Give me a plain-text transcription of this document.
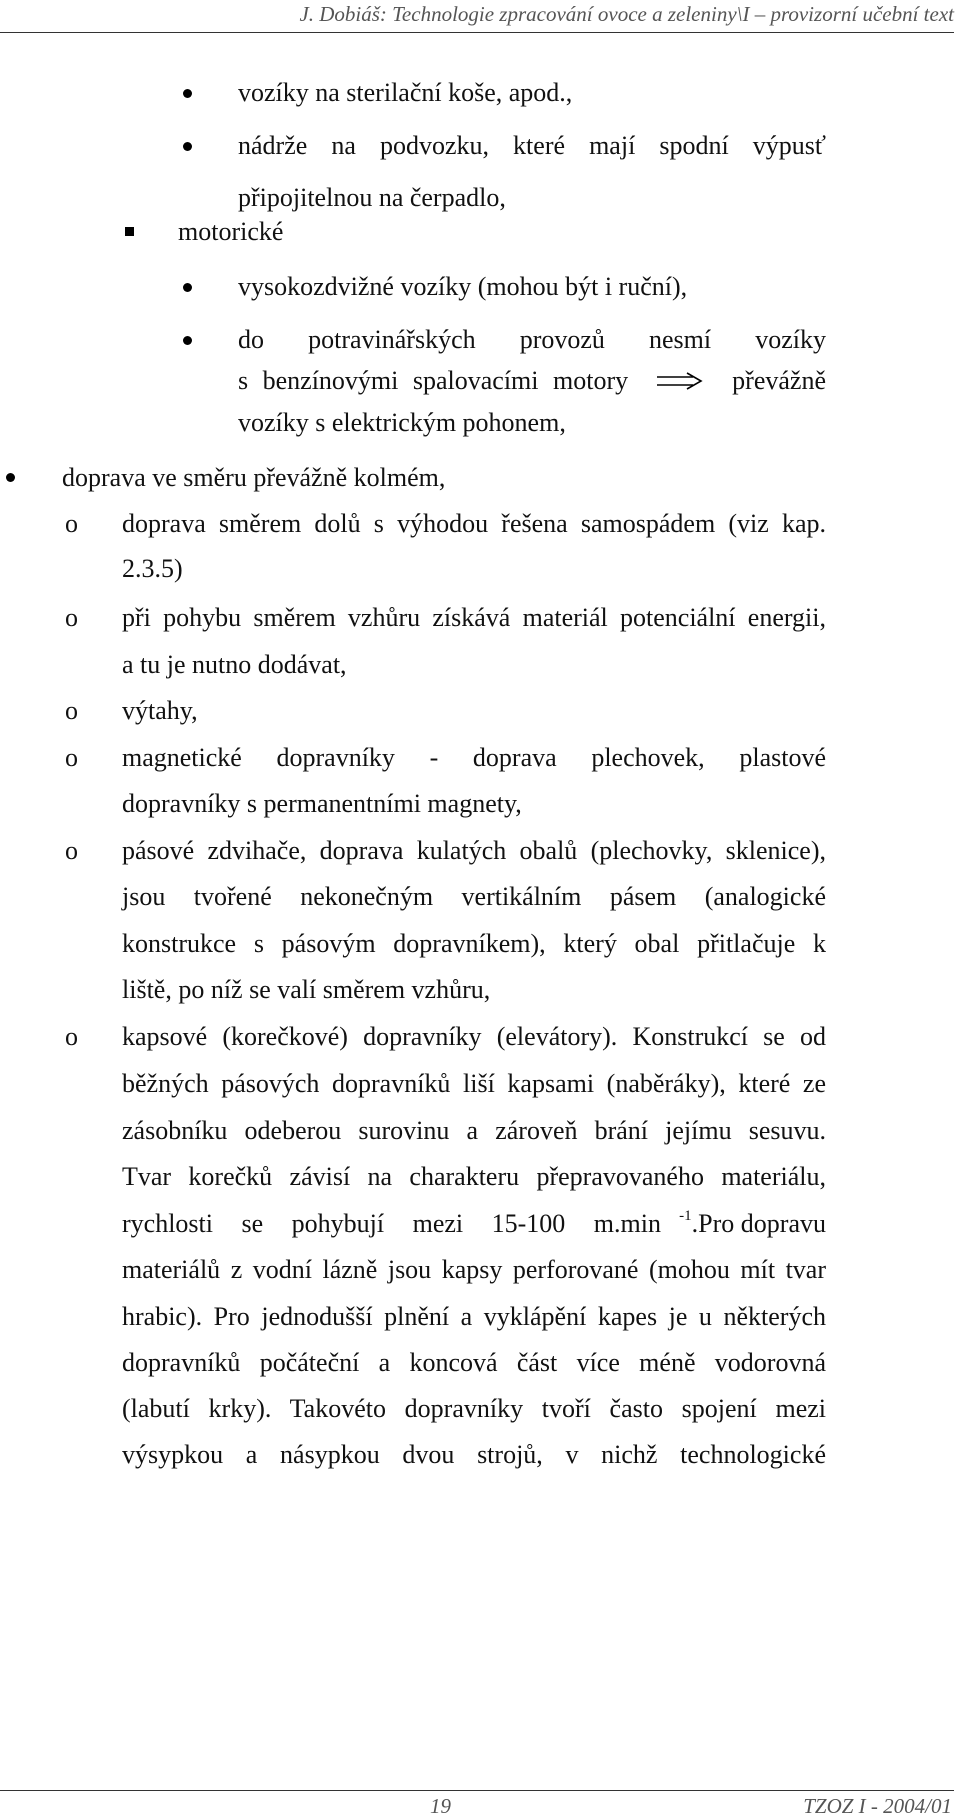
J. Dobiáš: Technologie zpracování ovoce a zeleniny\I – provizorní učební text
vozíky na sterilační koše, apod.,
nádrže na podvozku, které mají spodní výpusť
připojitelnou na čerpadlo,
motorické
vysokozdvižné vozíky (mohou být i ruční),
do potravinářských provozů nesmí vozíky
s benzínovými spalovacími motory	převážně
vozíky s elektrickým pohonem,
doprava ve směru převážně kolmém,
o doprava směrem dolů s výhodou řešena samospádem (viz kap.
2.3.5)
o při pohybu směrem vzhůru získává materiál potenciální energii,
a tu je nutno dodávat,
o výtahy,
o magnetické dopravníky - doprava plechovek, plastové
dopravníky s permanentními magnety,
o pásové zdvihače, doprava kulatých obalů (plechovky, sklenice),
jsou tvořené nekonečným vertikálním pásem (analogické
konstrukce s pásovým dopravníkem), který obal přitlačuje k
liště, po níž se valí směrem vzhůru,
o kapsové (korečkové) dopravníky (elevátory). Konstrukcí se od
běžných pásových dopravníků liší kapsami (naběráky), které ze
zásobníku odeberou surovinu a zároveň brání jejímu sesuvu.
Tvar korečků závisí na charakteru přepravovaného materiálu,
rychlosti se pohybují mezi 15-100 m.min $^{-1}$.Pro dopravu
materiálů z vodní lázně jsou kapsy perforované (mohou mít tvar
hrabic). Pro jednodušší plnění a vyklápění kapes je u některých
dopravníků počáteční a koncová část více méně vodorovná
(labutí krky). Takovéto dopravníky tvoří často spojení mezi
výsypkou a násypkou dvou strojů, v nichž technologické
19	TZOZ I - 2004/01
